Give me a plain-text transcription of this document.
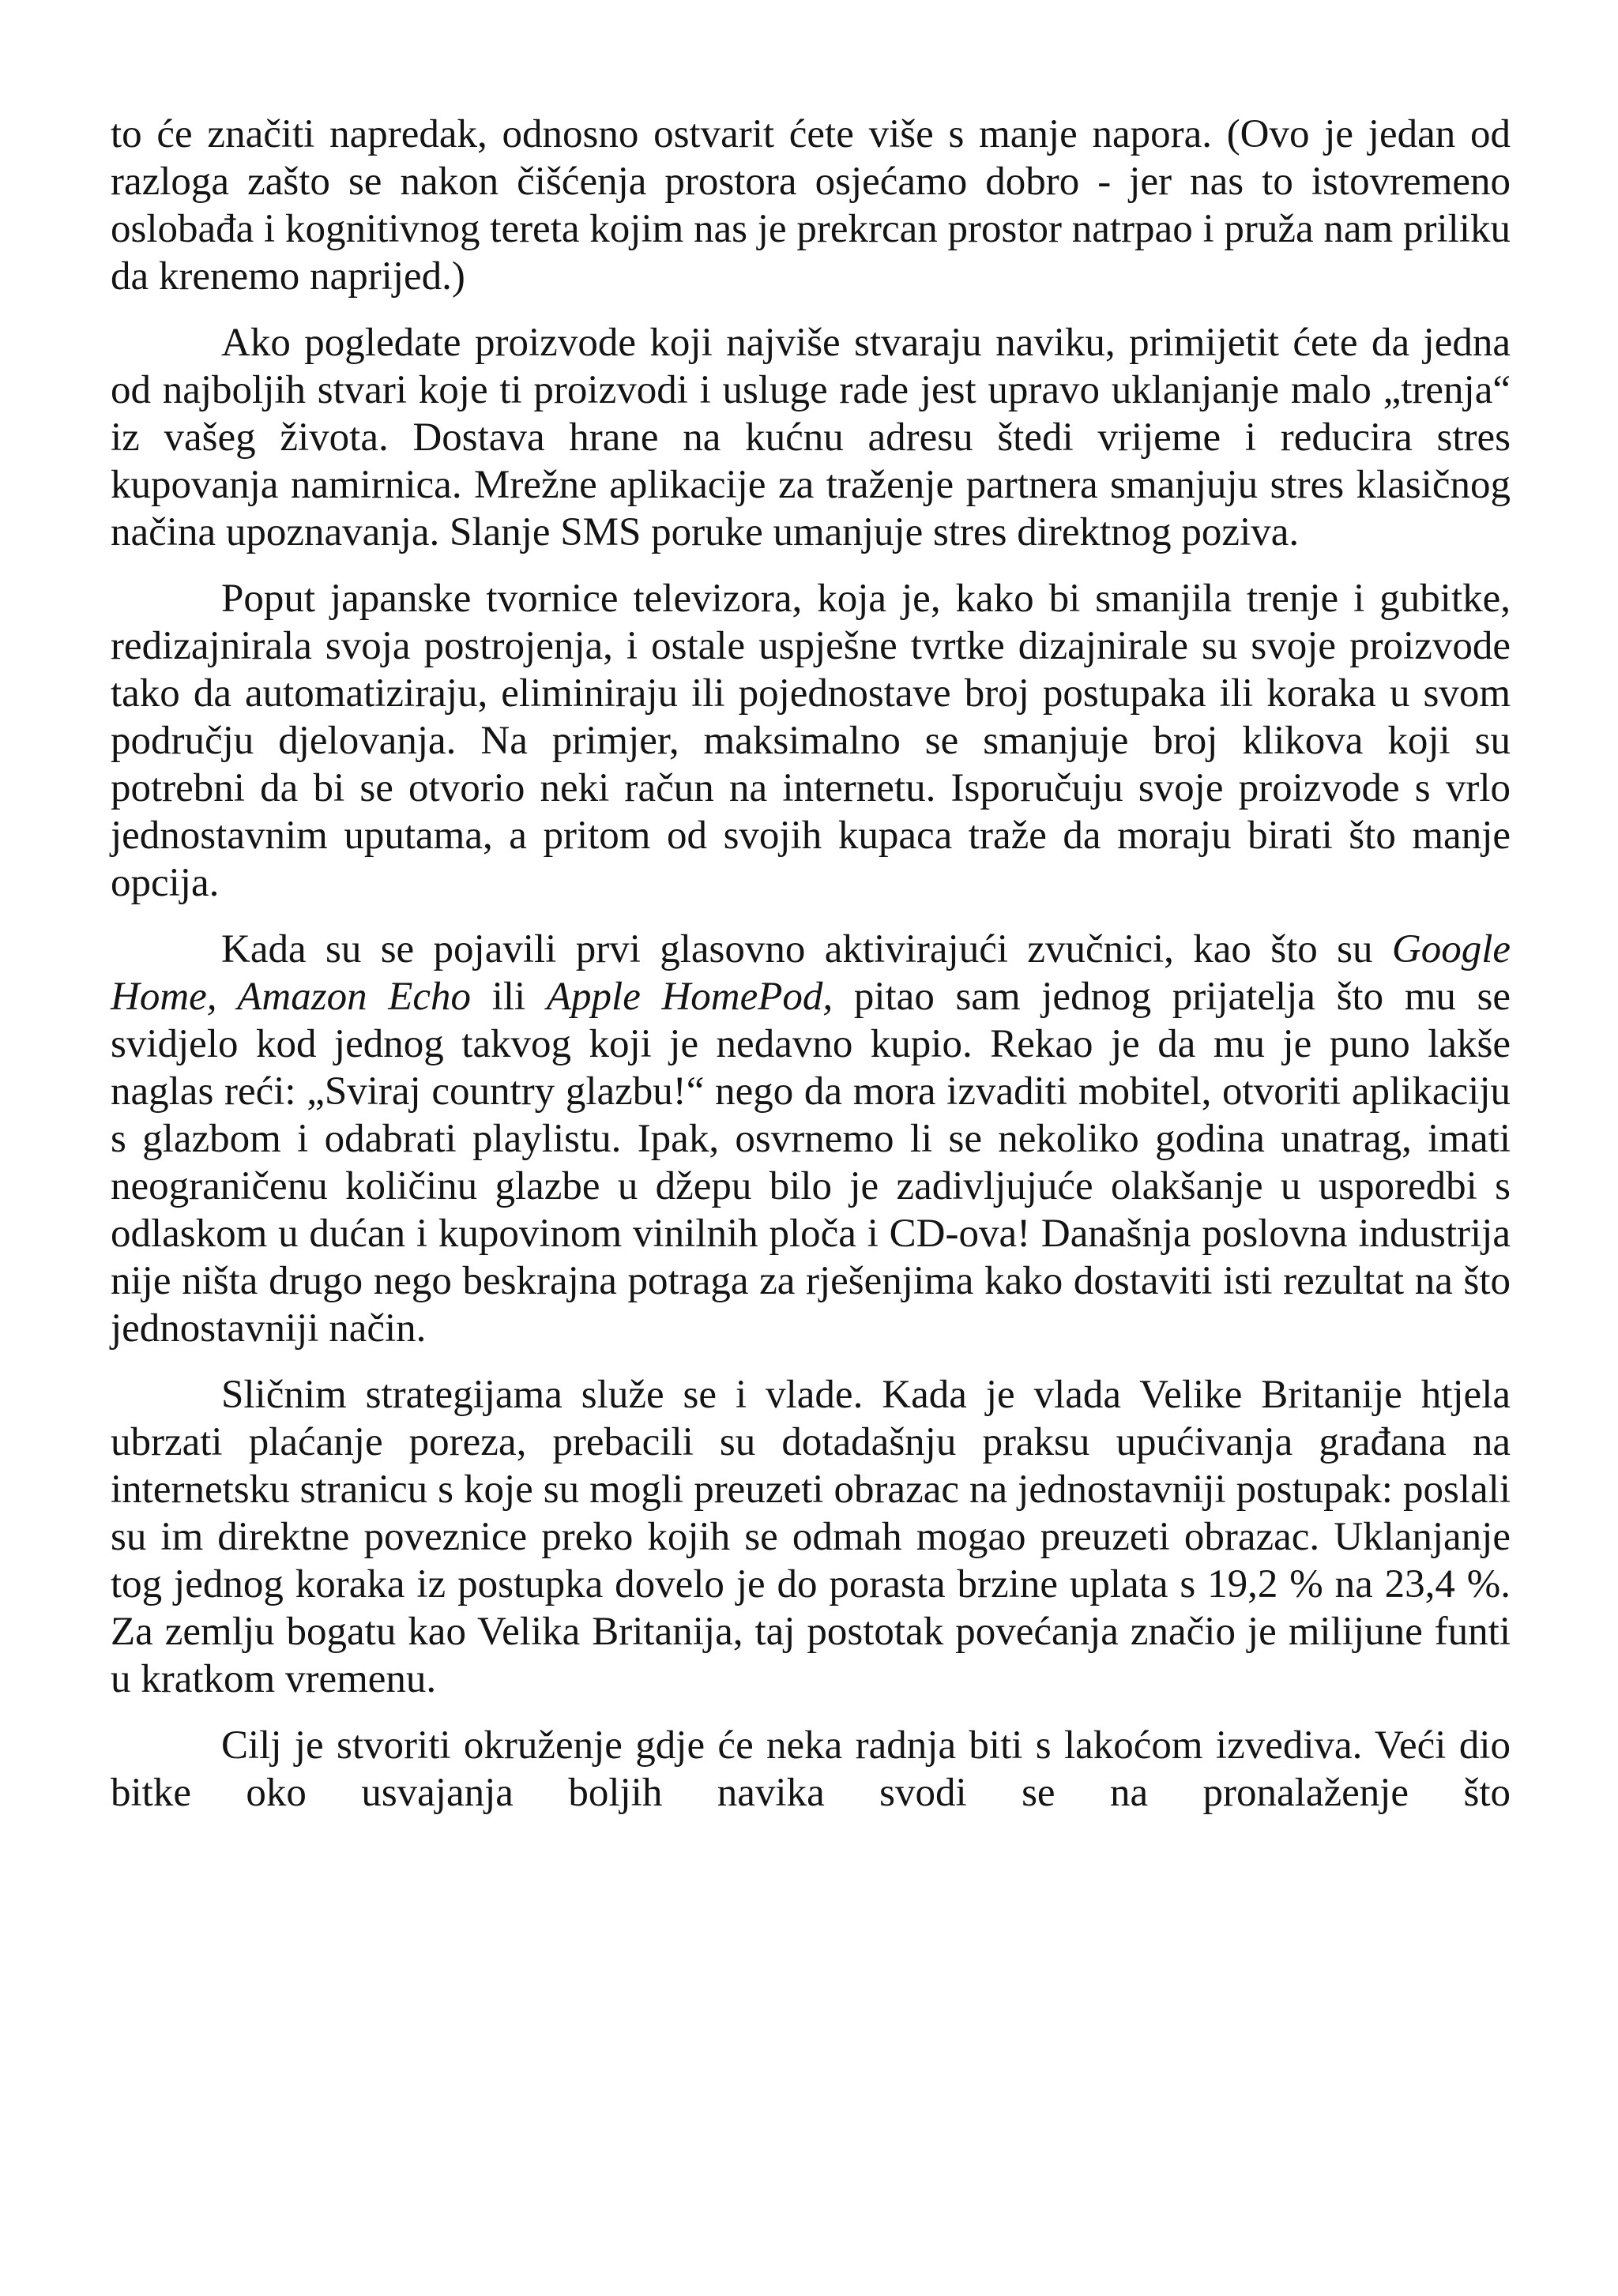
to će značiti napredak, odnosno ostvarit ćete više s manje napora. (Ovo je jedan od razloga zašto se nakon čišćenja prostora osjećamo dobro - jer nas to istovremeno oslobađa i kognitivnog tereta kojim nas je prekrcan prostor natrpao i pruža nam priliku da krenemo naprijed.)

Ako pogledate proizvode koji najviše stvaraju naviku, primijetit ćete da jedna od najboljih stvari koje ti proizvodi i usluge rade jest upravo uklanjanje malo „trenja“ iz vašeg života. Dostava hrane na kućnu adresu štedi vrijeme i reducira stres kupovanja namirnica. Mrežne aplikacije za traženje partnera smanjuju stres klasičnog načina upoznavanja. Slanje SMS poruke umanjuje stres direktnog poziva.

Poput japanske tvornice televizora, koja je, kako bi smanjila trenje i gubitke, redizajnirala svoja postrojenja, i ostale uspješne tvrtke dizajnirale su svoje proizvode tako da automatiziraju, eliminiraju ili pojednostave broj postupaka ili koraka u svom području djelovanja. Na primjer, maksimalno se smanjuje broj klikova koji su potrebni da bi se otvorio neki račun na internetu. Isporučuju svoje proizvode s vrlo jednostavnim uputama, a pritom od svojih kupaca traže da moraju birati što manje opcija.

Kada su se pojavili prvi glasovno aktivirajući zvučnici, kao što su Google Home, Amazon Echo ili Apple HomePod, pitao sam jednog prijatelja što mu se svidjelo kod jednog takvog koji je nedavno kupio. Rekao je da mu je puno lakše naglas reći: „Sviraj country glazbu!“ nego da mora izvaditi mobitel, otvoriti aplikaciju s glazbom i odabrati playlistu. Ipak, osvrnemo li se nekoliko godina unatrag, imati neograničenu količinu glazbe u džepu bilo je zadivljujuće olakšanje u usporedbi s odlaskom u dućan i kupovinom vinilnih ploča i CD-ova! Današnja poslovna industrija nije ništa drugo nego beskrajna potraga za rješenjima kako dostaviti isti rezultat na što jednostavniji način.

Sličnim strategijama služe se i vlade. Kada je vlada Velike Britanije htjela ubrzati plaćanje poreza, prebacili su dotadašnju praksu upućivanja građana na internetsku stranicu s koje su mogli preuzeti obrazac na jednostavniji postupak: poslali su im direktne poveznice preko kojih se odmah mogao preuzeti obrazac. Uklanjanje tog jednog koraka iz postupka dovelo je do porasta brzine uplata s 19,2 % na 23,4 %. Za zemlju bogatu kao Velika Britanija, taj postotak povećanja značio je milijune funti u kratkom vremenu.

Cilj je stvoriti okruženje gdje će neka radnja biti s lakoćom izvediva. Veći dio bitke oko usvajanja boljih navika svodi se na pronalaženje što
